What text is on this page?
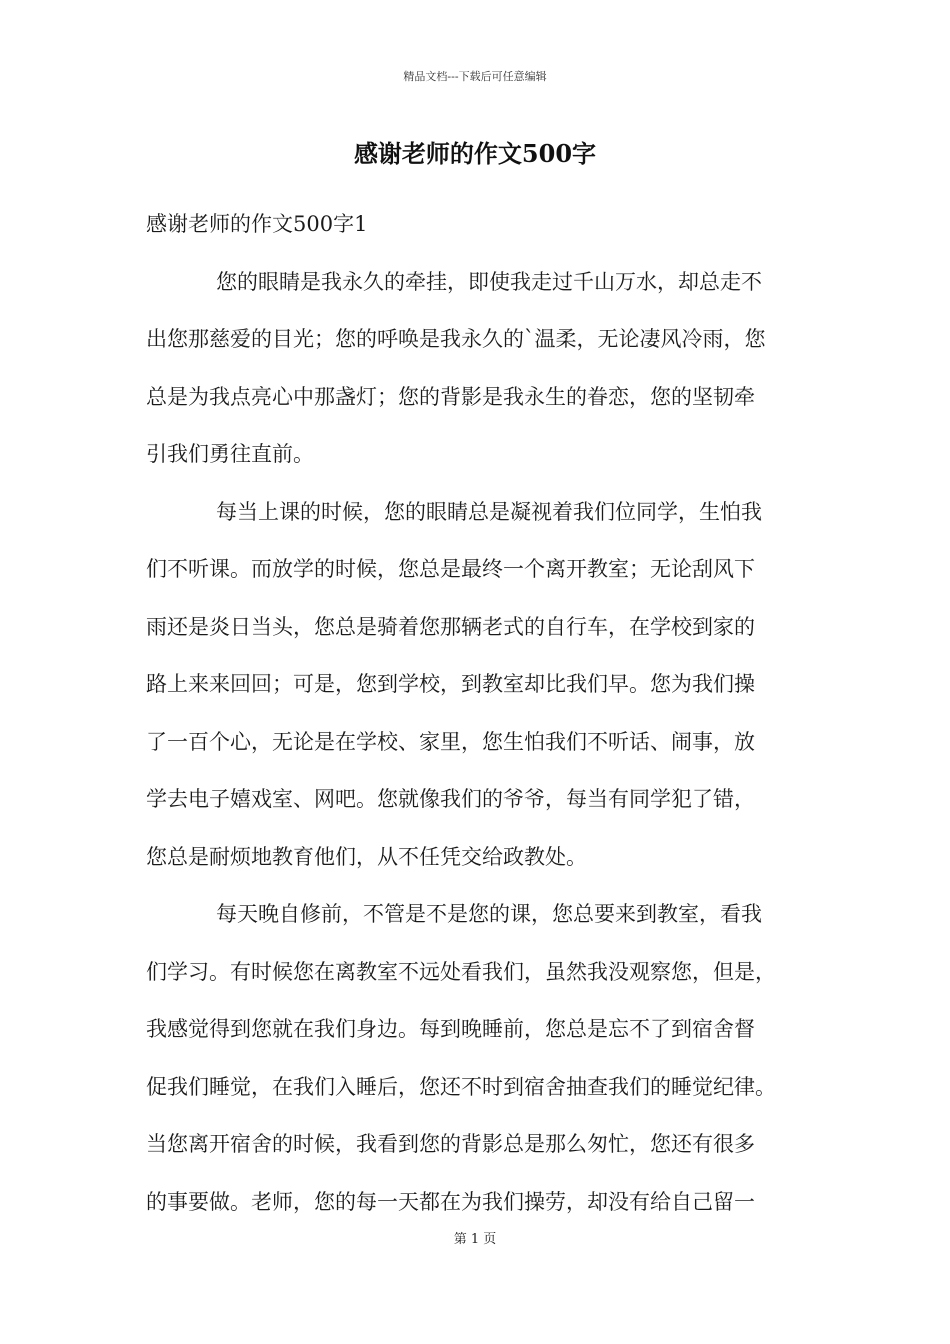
精品文档---下载后可任意编辑
感谢老师的作文500字
感谢老师的作文500字1
您的眼睛是我永久的牵挂，即使我走过千山万水，却总走不
出您那慈爱的目光；您的呼唤是我永久的`温柔，无论凄风冷雨，您
总是为我点亮心中那盏灯；您的背影是我永生的眷恋，您的坚韧牵
引我们勇往直前。
每当上课的时候，您的眼睛总是凝视着我们位同学，生怕我
们不听课。而放学的时候，您总是最终一个离开教室；无论刮风下
雨还是炎日当头，您总是骑着您那辆老式的自行车，在学校到家的
路上来来回回；可是，您到学校，到教室却比我们早。您为我们操
了一百个心，无论是在学校、家里，您生怕我们不听话、闹事，放
学去电子嬉戏室、网吧。您就像我们的爷爷，每当有同学犯了错，
您总是耐烦地教育他们，从不任凭交给政教处。
每天晚自修前，不管是不是您的课，您总要来到教室，看我
们学习。有时候您在离教室不远处看我们，虽然我没观察您，但是，
我感觉得到您就在我们身边。每到晚睡前，您总是忘不了到宿舍督
促我们睡觉，在我们入睡后，您还不时到宿舍抽查我们的睡觉纪律。
当您离开宿舍的时候，我看到您的背影总是那么匆忙，您还有很多
的事要做。老师，您的每一天都在为我们操劳，却没有给自己留一
第 1 页
